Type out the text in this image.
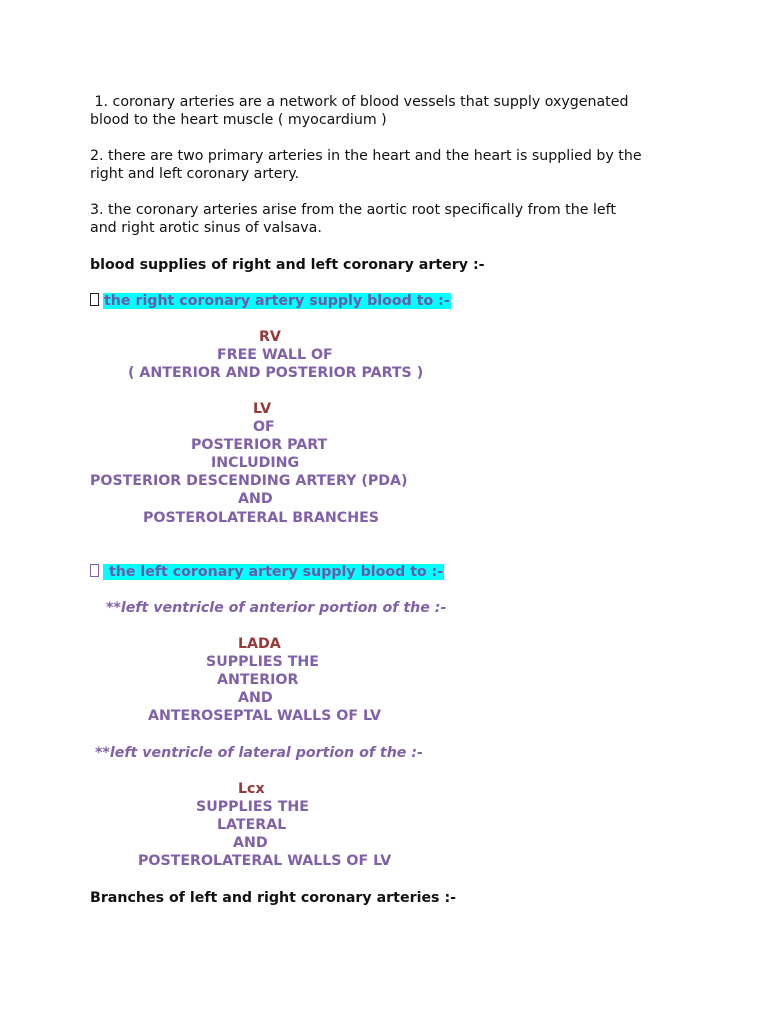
1. coronary arteries are a network of blood vessels that supply oxygenated

blood to the heart muscle ( myocardium )

2. there are two primary arteries in the heart and the heart is supplied by the

right and left coronary artery.

3. the coronary arteries arise from the aortic root specifically from the left

and right arotic sinus of valsava.

blood supplies of right and left coronary artery :-

the right coronary artery supply blood to :-

RV

FREE WALL OF

( ANTERIOR AND POSTERIOR PARTS )

LV

OF

POSTERIOR PART

INCLUDING

POSTERIOR DESCENDING ARTERY (PDA)

AND

POSTEROLATERAL BRANCHES

the left coronary artery supply blood to :-

**left ventricle of anterior portion of the :-

LADA

SUPPLIES THE

ANTERIOR

AND

ANTEROSEPTAL WALLS OF LV

**left ventricle of lateral portion of the :-

Lcx

SUPPLIES THE

LATERAL

AND

POSTEROLATERAL WALLS OF LV

Branches of left and right coronary arteries :-
